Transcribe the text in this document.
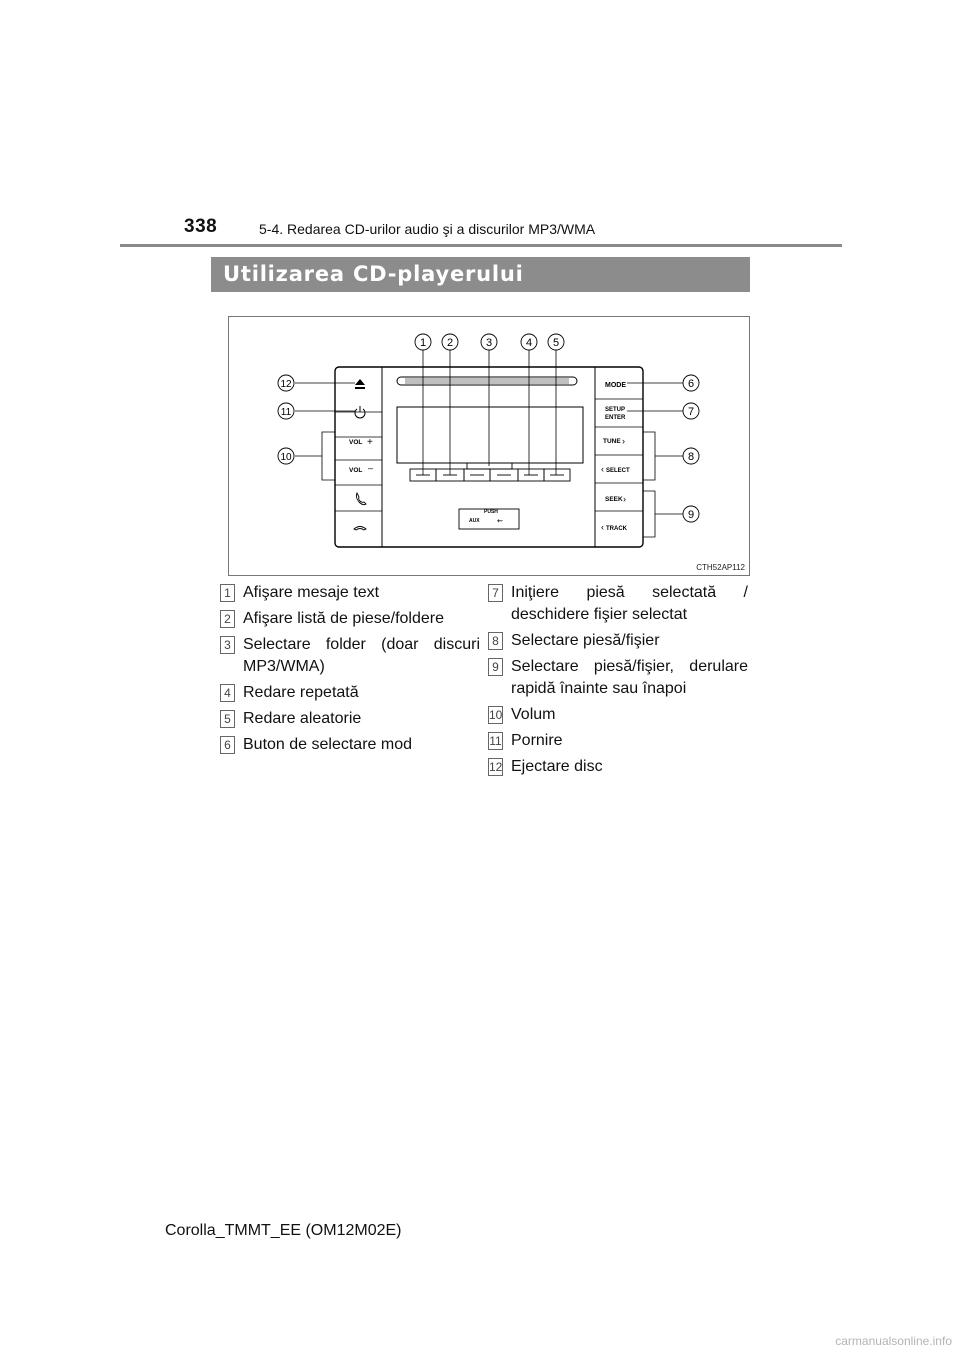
338	5-4. Redarea CD-urilor audio şi a discurilor MP3/WMA
Utilizarea CD-playerului
VOL +
VOL –
PUSH
AUX ⇜
MODE
SETUP
ENTER
TUNE ›
‹ SELECT
SEEK ›
‹ TRACK
1 2	3	4 5
6
7
8
9
10
11
12
CTH52AP112
1 Afişare mesaje text
2 Afişare listă de piese/foldere
3 Selectare folder (doar discuri MP3/WMA)
4 Redare repetată
5 Redare aleatorie
6 Buton de selectare mod
7 Iniţiere piesă selectată / deschidere fişier selectat
8 Selectare piesă/fişier
9 Selectare piesă/fişier, derulare rapidă înainte sau înapoi
10 Volum
11 Pornire
12 Ejectare disc
Corolla_TMMT_EE (OM12M02E)
carmanualsonline.info
